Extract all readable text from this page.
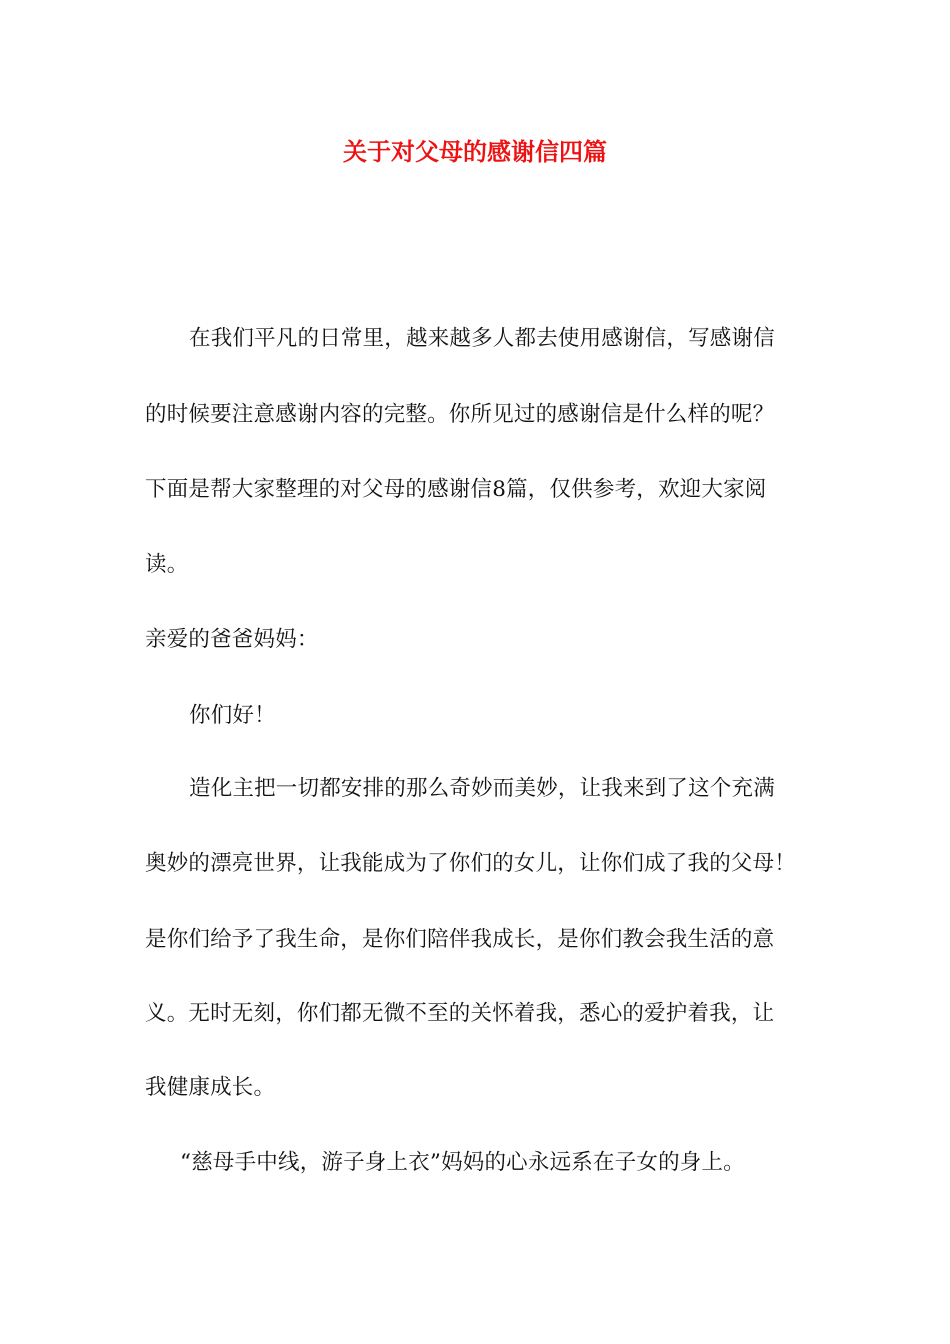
关于对父母的感谢信四篇
在我们平凡的日常里，越来越多人都去使用感谢信，写感谢信
的时候要注意感谢内容的完整。你所见过的感谢信是什么样的呢？
下面是帮大家整理的对父母的感谢信8篇，仅供参考，欢迎大家阅
读。
亲爱的爸爸妈妈：
你们好！
造化主把一切都安排的那么奇妙而美妙，让我来到了这个充满
奥妙的漂亮世界，让我能成为了你们的女儿，让你们成了我的父母！
是你们给予了我生命，是你们陪伴我成长，是你们教会我生活的意
义。无时无刻，你们都无微不至的关怀着我，悉心的爱护着我，让
我健康成长。
“慈母手中线，游子身上衣”妈妈的心永远系在子女的身上。
